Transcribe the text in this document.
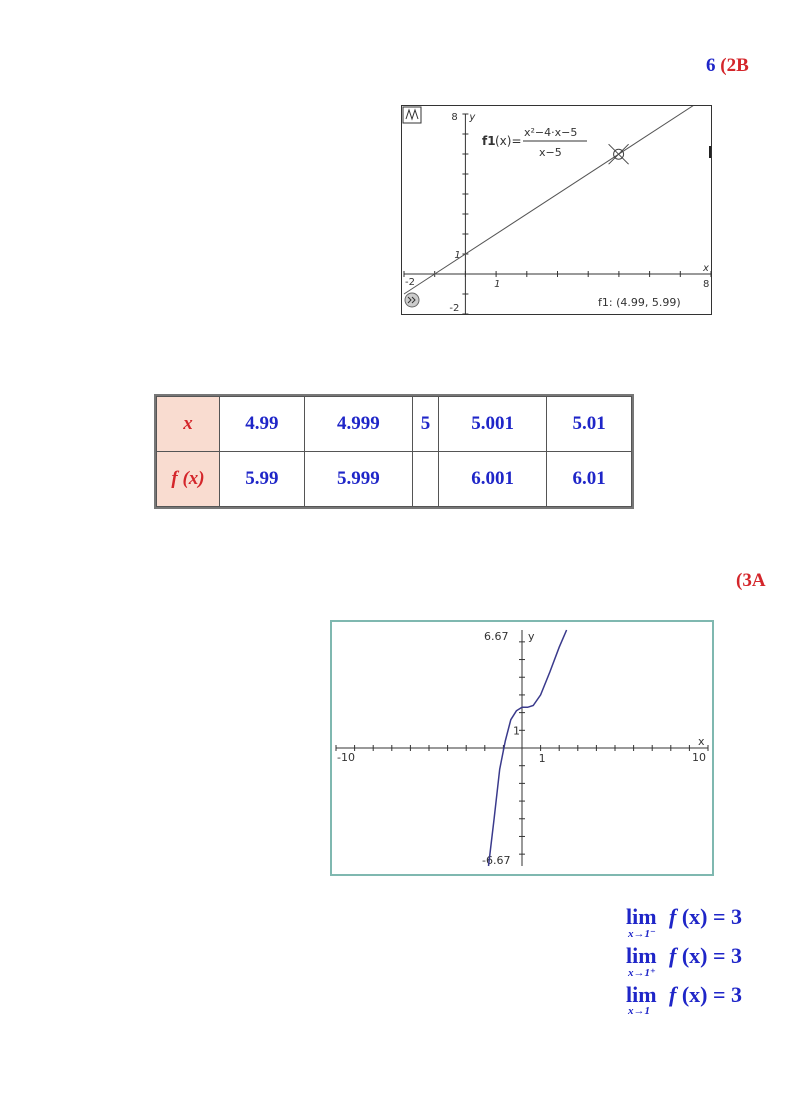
6 (2B
8 y
1
-2
x
-2	1	8
f1 (x)=
x²−4·x−5
x−5
f1: (4.99, 5.99)
x	4.99	4.999	5	5.001	5.01
f (x)	5.99	5.999		6.001	6.01
(3A
6.67 y
-6.67
1
x
-10	1	10
lim
x→1⁻
f (x) = 3
lim
x→1⁺
f (x) = 3
lim
x→1
f (x) = 3
